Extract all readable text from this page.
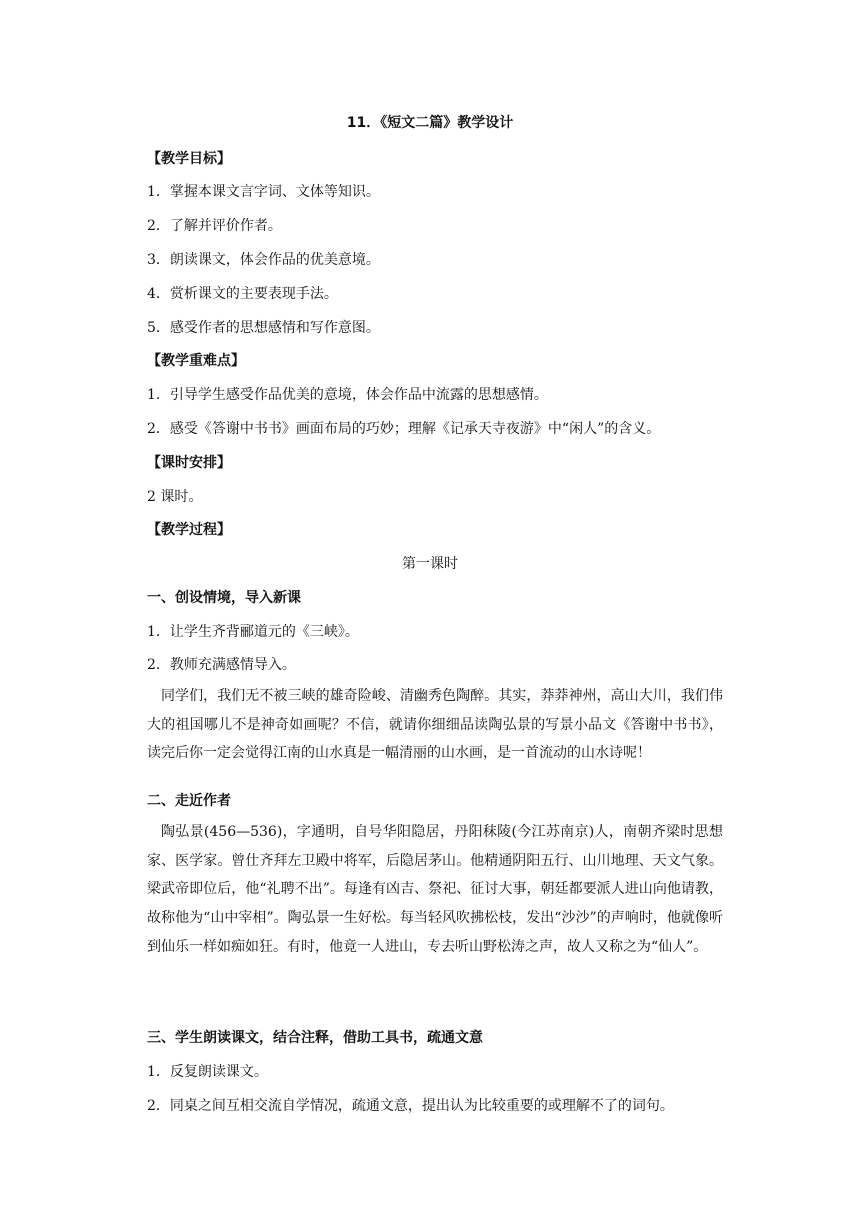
11．《短文二篇》教学设计
【教学目标】
1．掌握本课文言字词、文体等知识。
2．了解并评价作者。
3．朗读课文，体会作品的优美意境。
4．赏析课文的主要表现手法。
5．感受作者的思想感情和写作意图。
【教学重难点】
1．引导学生感受作品优美的意境，体会作品中流露的思想感情。
2．感受《答谢中书书》画面布局的巧妙；理解《记承天寺夜游》中“闲人”的含义。
【课时安排】
2 课时。
【教学过程】
第一课时
一、创设情境，导入新课
1．让学生齐背郦道元的《三峡》。
2．教师充满感情导入。
同学们，我们无不被三峡的雄奇险峻、清幽秀色陶醉。其实，莽莽神州，高山大川，我们伟大的祖国哪儿不是神奇如画呢？不信，就请你细细品读陶弘景的写景小品文《答谢中书书》，读完后你一定会觉得江南的山水真是一幅清丽的山水画，是一首流动的山水诗呢！
二、走近作者
陶弘景(456—536)，字通明，自号华阳隐居，丹阳秣陵(今江苏南京)人，南朝齐梁时思想家、医学家。曾仕齐拜左卫殿中将军，后隐居茅山。他精通阴阳五行、山川地理、天文气象。梁武帝即位后，他“礼聘不出”。每逢有凶吉、祭祀、征讨大事，朝廷都要派人进山向他请教，故称他为“山中宰相”。陶弘景一生好松。每当轻风吹拂松枝，发出“沙沙”的声响时，他就像听到仙乐一样如痴如狂。有时，他竟一人进山，专去听山野松涛之声，故人又称之为“仙人”。
三、学生朗读课文，结合注释，借助工具书，疏通文意
1．反复朗读课文。
2．同桌之间互相交流自学情况，疏通文意，提出认为比较重要的或理解不了的词句。
